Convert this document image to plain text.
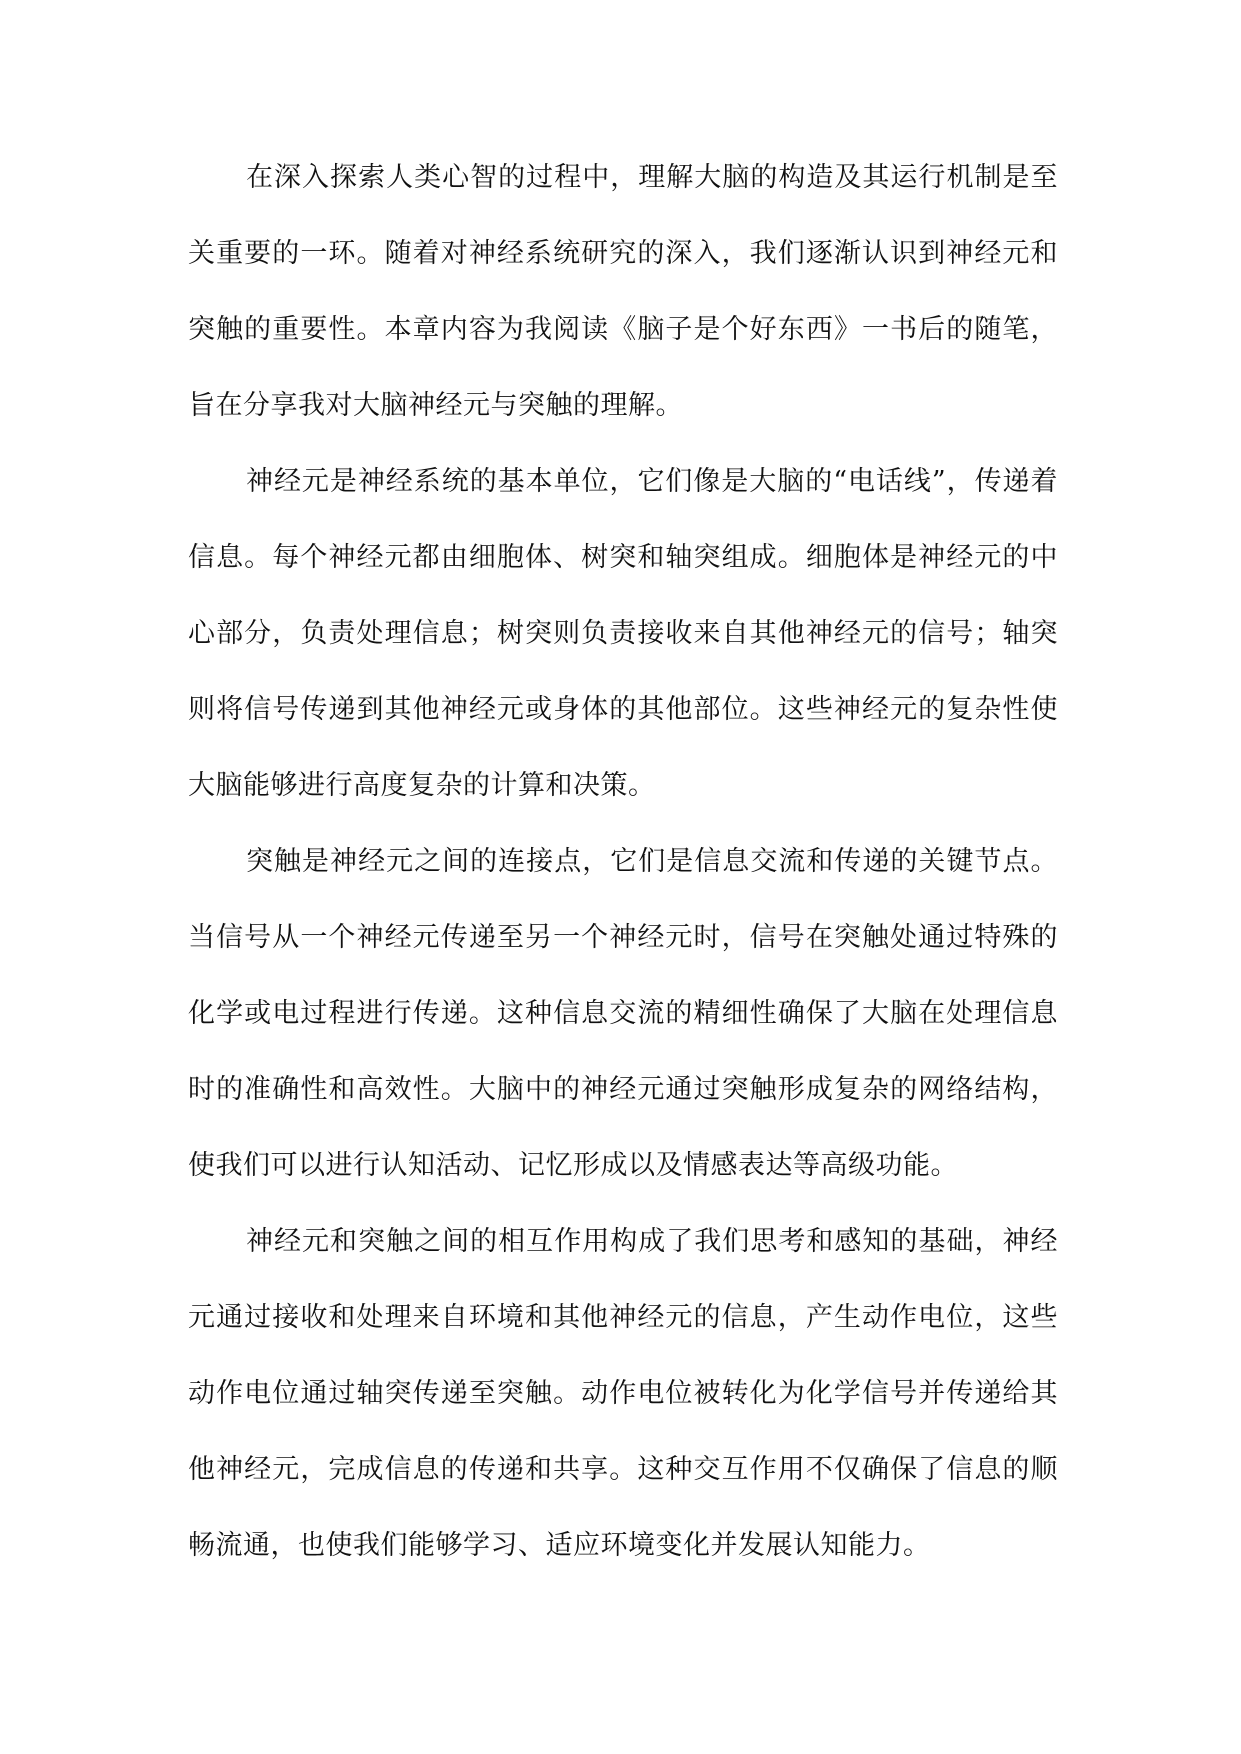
在深入探索人类心智的过程中，理解大脑的构造及其运行机制是至关重要的一环。随着对神经系统研究的深入，我们逐渐认识到神经元和突触的重要性。本章内容为我阅读《脑子是个好东西》一书后的随笔，旨在分享我对大脑神经元与突触的理解。

神经元是神经系统的基本单位，它们像是大脑的“电话线”，传递着信息。每个神经元都由细胞体、树突和轴突组成。细胞体是神经元的中心部分，负责处理信息；树突则负责接收来自其他神经元的信号；轴突则将信号传递到其他神经元或身体的其他部位。这些神经元的复杂性使大脑能够进行高度复杂的计算和决策。

突触是神经元之间的连接点，它们是信息交流和传递的关键节点。当信号从一个神经元传递至另一个神经元时，信号在突触处通过特殊的化学或电过程进行传递。这种信息交流的精细性确保了大脑在处理信息时的准确性和高效性。大脑中的神经元通过突触形成复杂的网络结构，使我们可以进行认知活动、记忆形成以及情感表达等高级功能。

神经元和突触之间的相互作用构成了我们思考和感知的基础，神经元通过接收和处理来自环境和其他神经元的信息，产生动作电位，这些动作电位通过轴突传递至突触。动作电位被转化为化学信号并传递给其他神经元，完成信息的传递和共享。这种交互作用不仅确保了信息的顺畅流通，也使我们能够学习、适应环境变化并发展认知能力。
